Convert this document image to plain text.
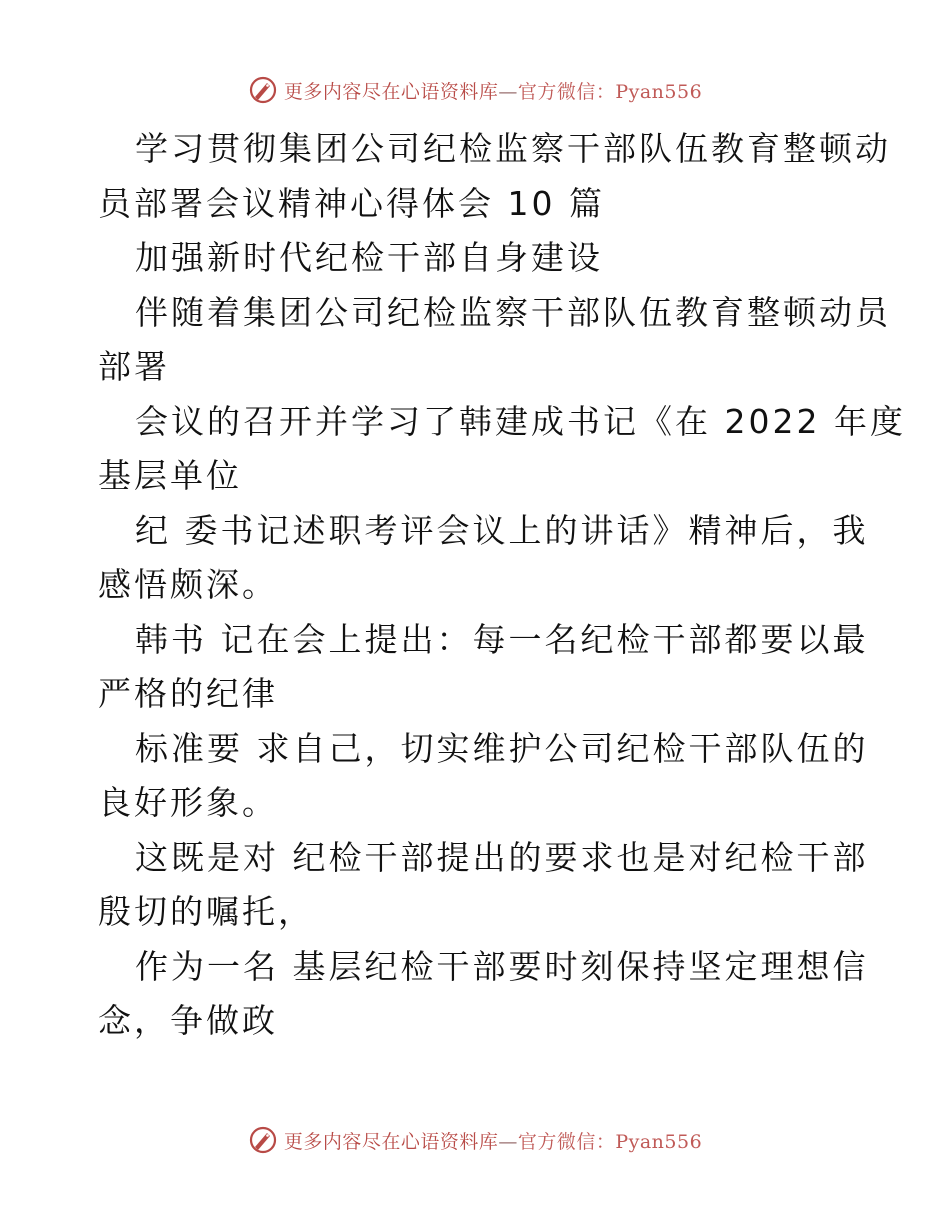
更多内容尽在心语资料库—官方微信：Pyan556
学习贯彻集团公司纪检监察干部队伍教育整顿动
员部署会议精神心得体会 10 篇
加强新时代纪检干部自身建设
伴随着集团公司纪检监察干部队伍教育整顿动员
部署
会议的召开并学习了韩建成书记《在 2022 年度
基层单位
纪 委书记述职考评会议上的讲话》精神后，我
感悟颇深。
韩书 记在会上提出：每一名纪检干部都要以最
严格的纪律
标准要 求自己，切实维护公司纪检干部队伍的
良好形象。
这既是对 纪检干部提出的要求也是对纪检干部
殷切的嘱托，
作为一名 基层纪检干部要时刻保持坚定理想信
念，争做政
更多内容尽在心语资料库—官方微信：Pyan556
